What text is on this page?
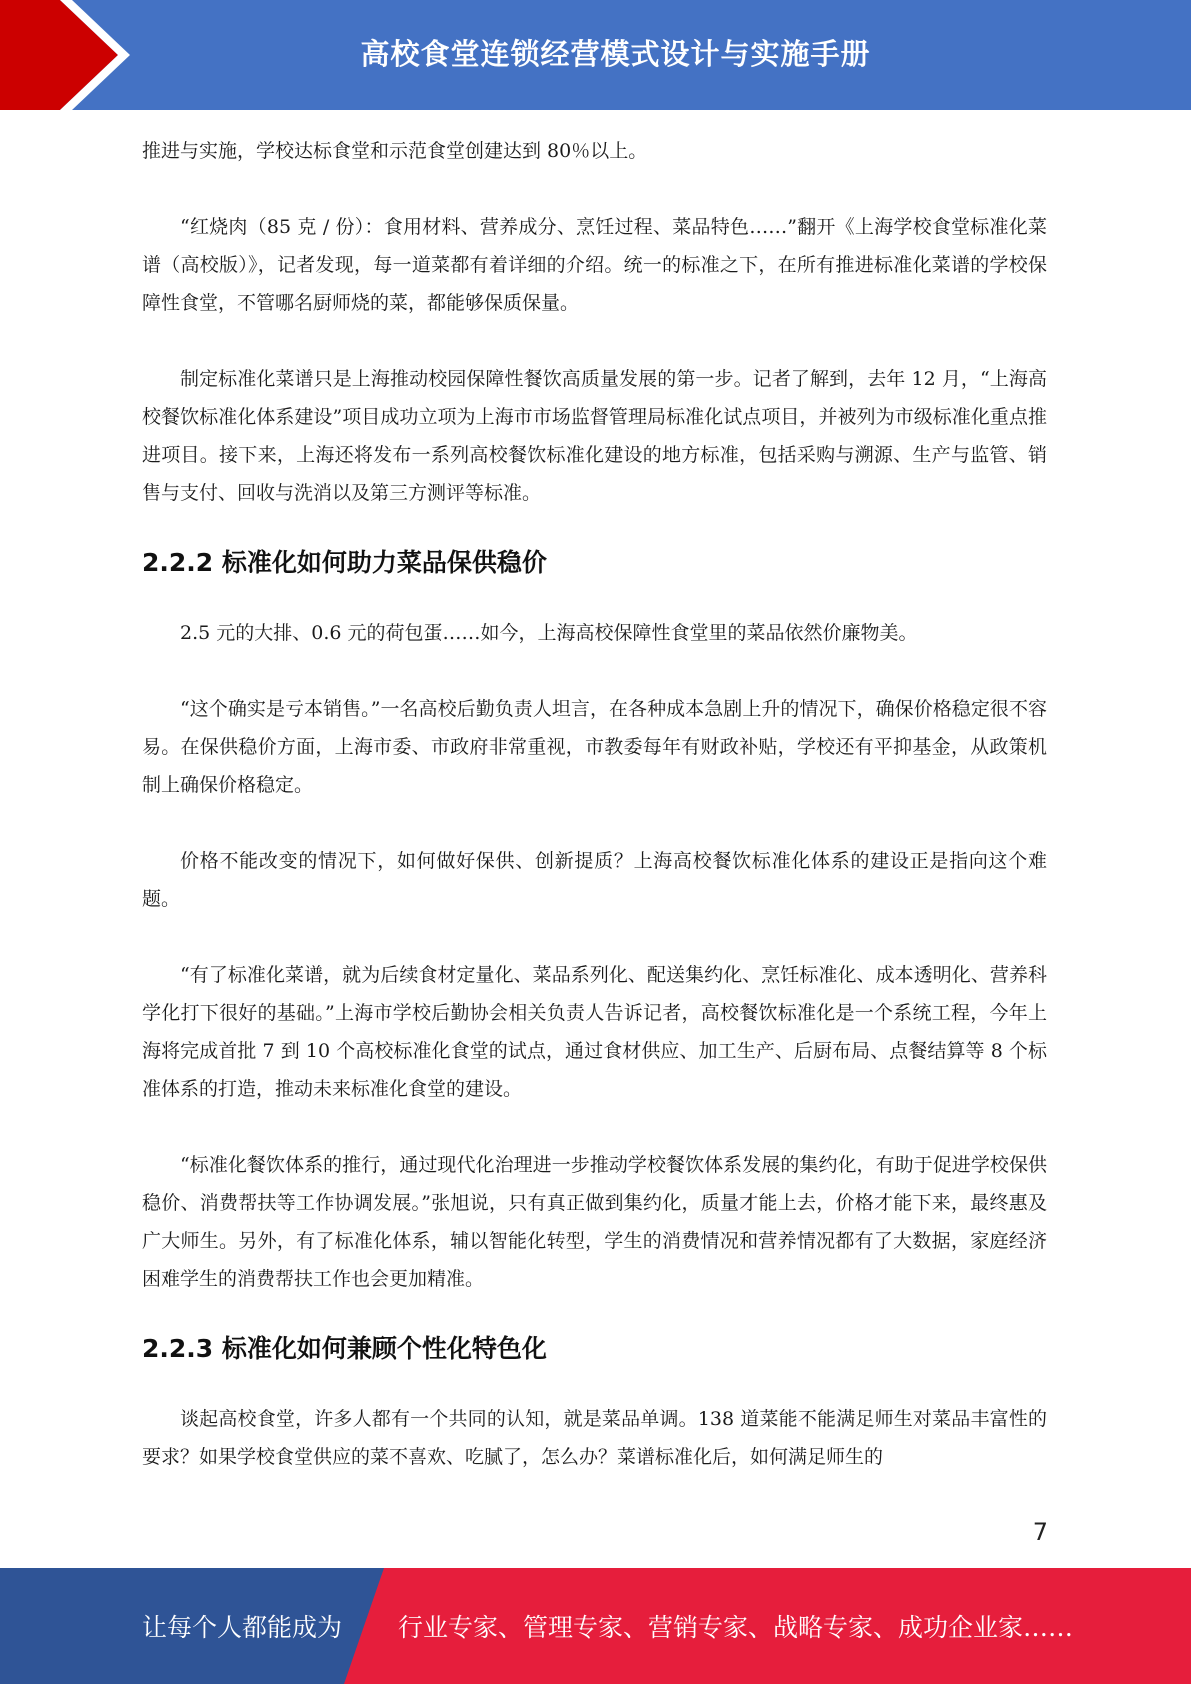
高校食堂连锁经营模式设计与实施手册

推进与实施，学校达标食堂和示范食堂创建达到 80％以上。

“红烧肉（85 克 / 份）：食用材料、营养成分、烹饪过程、菜品特色……”翻开《上海学校食堂标准化菜谱（高校版）》，记者发现，每一道菜都有着详细的介绍。统一的标准之下，在所有推进标准化菜谱的学校保障性食堂，不管哪名厨师烧的菜，都能够保质保量。

制定标准化菜谱只是上海推动校园保障性餐饮高质量发展的第一步。记者了解到，去年 12 月，“上海高校餐饮标准化体系建设”项目成功立项为上海市市场监督管理局标准化试点项目，并被列为市级标准化重点推进项目。接下来，上海还将发布一系列高校餐饮标准化建设的地方标准，包括采购与溯源、生产与监管、销售与支付、回收与洗消以及第三方测评等标准。

2.2.2 标准化如何助力菜品保供稳价

2.5 元的大排、0.6 元的荷包蛋……如今，上海高校保障性食堂里的菜品依然价廉物美。

“这个确实是亏本销售。”一名高校后勤负责人坦言，在各种成本急剧上升的情况下，确保价格稳定很不容易。在保供稳价方面，上海市委、市政府非常重视，市教委每年有财政补贴，学校还有平抑基金，从政策机制上确保价格稳定。

价格不能改变的情况下，如何做好保供、创新提质？上海高校餐饮标准化体系的建设正是指向这个难题。

“有了标准化菜谱，就为后续食材定量化、菜品系列化、配送集约化、烹饪标准化、成本透明化、营养科学化打下很好的基础。”上海市学校后勤协会相关负责人告诉记者，高校餐饮标准化是一个系统工程，今年上海将完成首批 7 到 10 个高校标准化食堂的试点，通过食材供应、加工生产、后厨布局、点餐结算等 8 个标准体系的打造，推动未来标准化食堂的建设。

“标准化餐饮体系的推行，通过现代化治理进一步推动学校餐饮体系发展的集约化，有助于促进学校保供稳价、消费帮扶等工作协调发展。”张旭说，只有真正做到集约化，质量才能上去，价格才能下来，最终惠及广大师生。另外，有了标准化体系，辅以智能化转型，学生的消费情况和营养情况都有了大数据，家庭经济困难学生的消费帮扶工作也会更加精准。

2.2.3 标准化如何兼顾个性化特色化

谈起高校食堂，许多人都有一个共同的认知，就是菜品单调。138 道菜能不能满足师生对菜品丰富性的要求？如果学校食堂供应的菜不喜欢、吃腻了，怎么办？菜谱标准化后，如何满足师生的

7
让每个人都能成为 行业专家、管理专家、营销专家、战略专家、成功企业家……
